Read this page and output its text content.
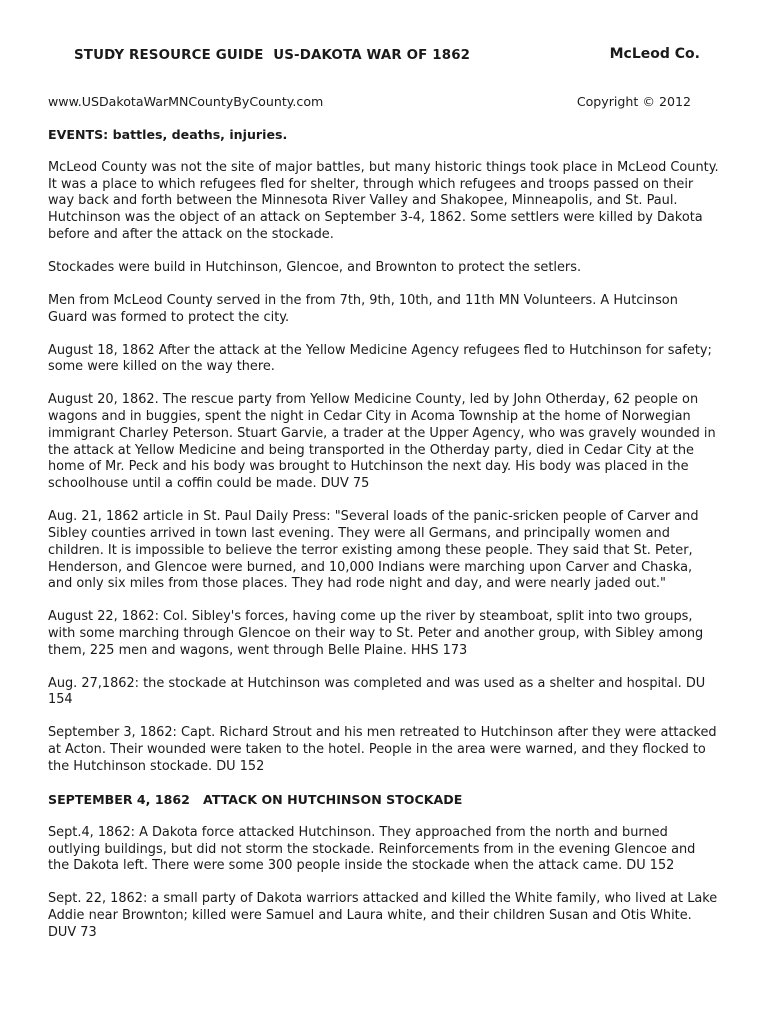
STUDY RESOURCE GUIDE  US-DAKOTA WAR OF 1862	McLeod Co.
www.USDakotaWarMNCountyByCounty.com	Copyright © 2012

EVENTS: battles, deaths, injuries.

McLeod County was not the site of major battles, but many historic things took place in McLeod County. It was a place to which refugees fled for shelter, through which refugees and troops passed on their way back and forth between the Minnesota River Valley and Shakopee, Minneapolis, and St. Paul. Hutchinson was the object of an attack on September 3-4, 1862. Some settlers were killed by Dakota before and after the attack on the stockade.

Stockades were build in Hutchinson, Glencoe, and Brownton to protect the setlers.

Men from McLeod County served in the from 7th, 9th, 10th, and 11th MN Volunteers. A Hutcinson Guard was formed to protect the city.

August 18, 1862 After the attack at the Yellow Medicine Agency refugees fled to Hutchinson for safety; some were killed on the way there.

August 20, 1862. The rescue party from Yellow Medicine County, led by John Otherday, 62 people on wagons and in buggies, spent the night in Cedar City in Acoma Township at the home of Norwegian immigrant Charley Peterson. Stuart Garvie, a trader at the Upper Agency, who was gravely wounded in the attack at Yellow Medicine and being transported in the Otherday party, died in Cedar City at the home of Mr. Peck and his body was brought to Hutchinson the next day. His body was placed in the schoolhouse until a coffin could be made. DUV 75

Aug. 21, 1862 article in St. Paul Daily Press: "Several loads of the panic-sricken people of Carver and Sibley counties arrived in town last evening. They were all Germans, and principally women and children. It is impossible to believe the terror existing among these people. They said that St. Peter, Henderson, and Glencoe were burned, and 10,000 Indians were marching upon Carver and Chaska, and only six miles from those places. They had rode night and day, and were nearly jaded out."

August 22, 1862: Col. Sibley's forces, having come up the river by steamboat, split into two groups, with some marching through Glencoe on their way to St. Peter and another group, with Sibley among them, 225 men and wagons, went through Belle Plaine. HHS 173

Aug. 27,1862: the stockade at Hutchinson was completed and was used as a shelter and hospital. DU 154

September 3, 1862: Capt. Richard Strout and his men retreated to Hutchinson after they were attacked at Acton. Their wounded were taken to the hotel. People in the area were warned, and they flocked to the Hutchinson stockade. DU 152

SEPTEMBER 4, 1862   ATTACK ON HUTCHINSON STOCKADE

Sept.4, 1862: A Dakota force attacked Hutchinson. They approached from the north and burned outlying buildings, but did not storm the stockade. Reinforcements from in the evening Glencoe and the Dakota left. There were some 300 people inside the stockade when the attack came. DU 152

Sept. 22, 1862: a small party of Dakota warriors attacked and killed the White family, who lived at Lake Addie near Brownton; killed were Samuel and Laura white, and their children Susan and Otis White. DUV 73
